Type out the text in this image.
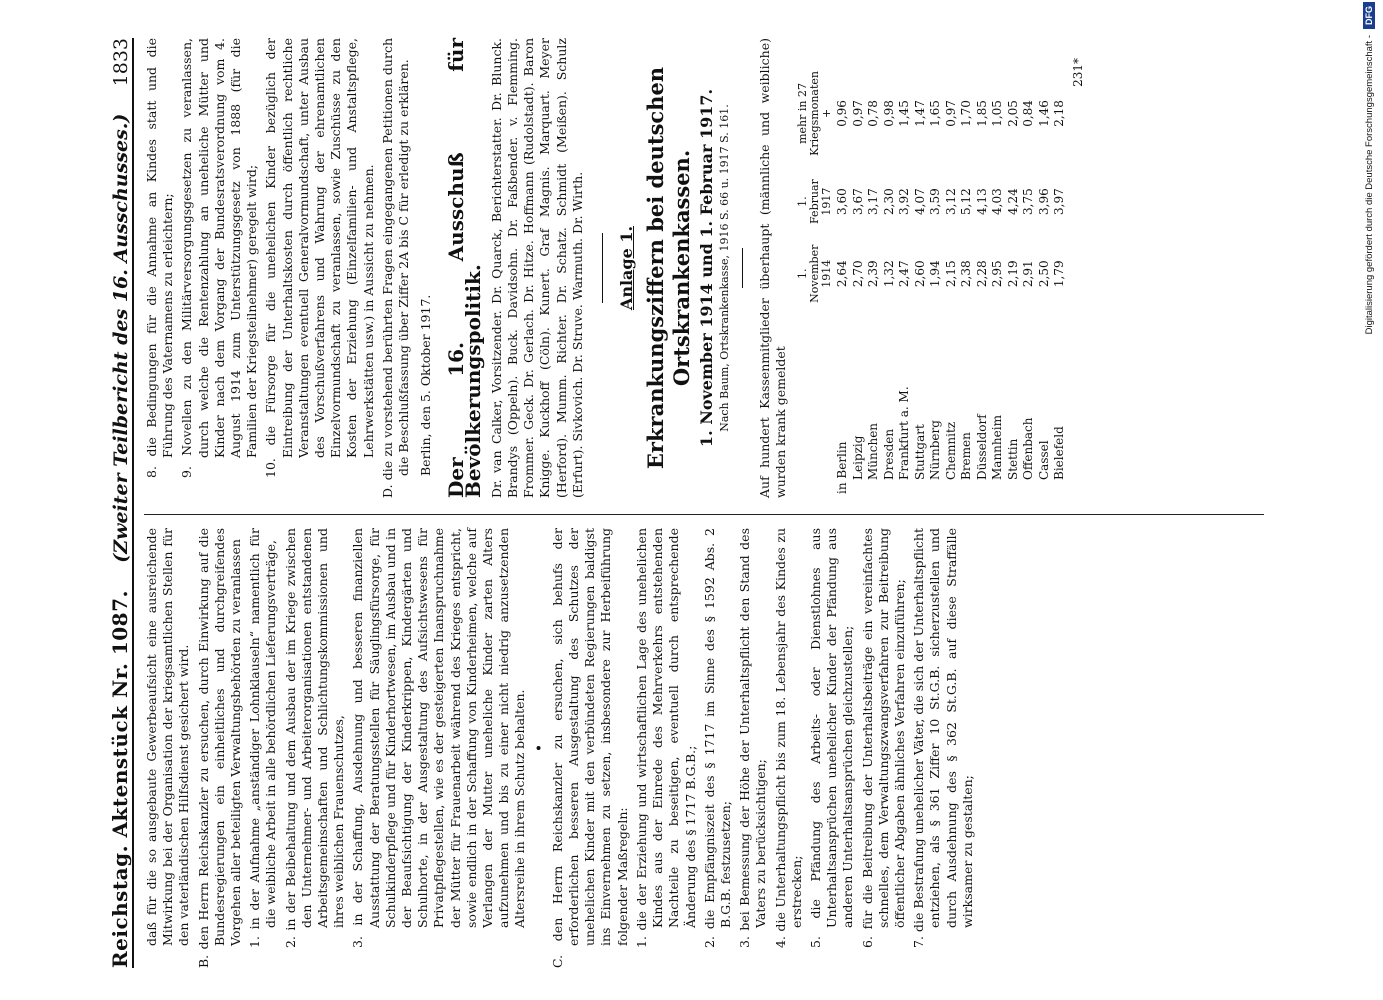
Digitalisierung gefördert durch die Deutsche Forschungsgemeinschaft -
DFG
Reichstag. Aktenstück Nr. 1087.
(Zweiter Teilbericht des 16. Ausschusses.)
1833

daß für die so ausgebaute Gewerbeaufsicht eine ausreichende Mitwirkung bei der Organisation der kriegsamtlichen Stellen für den vaterländischen Hilfsdienst gesichert wird.

B. den Herrn Reichskanzler zu ersuchen, durch Einwirkung auf die Bundesregierungen ein einheitliches und durchgreifendes Vorgehen aller beteiligten Verwaltungsbehörden zu veranlassen 1. in der Aufnahme „anständiger Lohnklauseln“ namentlich für die weibliche Arbeit in alle behördlichen Lieferungsverträge,

2. in der Beibehaltung und dem Ausbau der im Kriege zwischen den Unternehmer- und Arbeiterorganisationen entstandenen Arbeitsgemeinschaften und Schlichtungskommissionen und ihres weiblichen Frauenschutzes,

3. in der Schaffung, Ausdehnung und besseren finanziellen Ausstattung der Beratungsstellen für Säuglingsfürsorge, für Schulkinderpflege und für Kinderhortwesen, im Ausbau und in der Beaufsichtigung der Kinderkrippen, Kindergärten und Schulhorte, in der Ausgestaltung des Aufsichtswesens für Privatpflegestellen, wie es der gesteigerten Inanspruchnahme der Mütter für Frauenarbeit während des Krieges entspricht, sowie endlich in der Schaffung von Kinderheimen, welche auf Verlangen der Mutter uneheliche Kinder zarten Alters aufzunehmen und bis zu einer nicht niedrig anzusetzenden Altersreihe in ihrem Schutz behalten. •

C. den Herrn Reichskanzler zu ersuchen, sich behufs der erforderlichen besseren Ausgestaltung des Schutzes der unehelichen Kinder mit den verbündeten Regierungen baldigst ins Einvernehmen zu setzen, insbesondere zur Herbeiführung folgender Maßregeln: 1. die der Erziehung und wirtschaftlichen Lage des unehelichen Kindes aus der Einrede des Mehrverkehrs entstehenden Nachteile zu beseitigen, eventuell durch entsprechende Änderung des § 1717 B.G.B.;

2. die Empfängniszeit des § 1717 im Sinne des § 1592 Abs. 2 B.G.B. festzusetzen;

3. bei Bemessung der Höhe der Unterhaltspflicht den Stand des Vaters zu berücksichtigen;

4. die Unterhaltungspflicht bis zum 18. Lebensjahr des Kindes zu erstrecken;

5. die Pfändung des Arbeits- oder Dienstlohnes aus Unterhaltsansprüchen unehelicher Kinder der Pfändung aus anderen Unterhaltsansprüchen gleichzustellen;

6. für die Beitreibung der Unterhaltsbeiträge ein vereinfachtes schnelles, dem Verwaltungszwangsverfahren zur Beitreibung öffentlicher Abgaben ähnliches Verfahren einzuführen;

7. die Bestrafung unehelicher Väter, die sich der Unterhaltspflicht entziehen, als § 361 Ziffer 10 St.G.B. sicherzustellen und durch Ausdehnung des § 362 St.G.B. auf diese Straffälle wirksamer zu gestalten;

8. die Bedingungen für die Annahme an Kindes statt und die Führung des Vaternamens zu erleichtern;

9. Novellen zu den Militärversorgungsgesetzen zu veranlassen, durch welche die Rentenzahlung an uneheliche Mütter und Kinder nach dem Vorgang der Bundesratsverordnung vom 4. August 1914 zum Unterstützungsgesetz von 1888 (für die Familien der Kriegsteilnehmer) geregelt wird;

10. die Fürsorge für die unehelichen Kinder bezüglich der Eintreibung der Unterhaltskosten durch öffentlich rechtliche Veranstaltungen eventuell Generalvormundschaft, unter Ausbau des Vorschußverfahrens und Wahrung der ehrenamtlichen Einzelvormundschaft zu veranlassen, sowie Zuschüsse zu den Kosten der Erziehung (Einzelfamilien- und Anstaltspflege, Lehrwerkstätten usw.) in Aussicht zu nehmen.

D. die zu vorstehend berührten Fragen eingegangenen Petitionen durch die Beschlußfassung über Ziffer 2A bis C für erledigt zu erklären. Berlin, den 5. Oktober 1917. Der 16. Ausschuß für Bevölkerungspolitik. Dr. van Calker, Vorsitzender. Dr. Quarck, Berichterstatter. Dr. Blunck. Brandys (Oppeln). Buck. Davidsohn. Dr. Faßbender. v. Flemming. Frommer. Geck. Dr. Gerlach. Dr. Hitze. Hoffmann (Rudolstadt). Baron Knigge. Kuckhoff (Cöln). Kunert. Graf Magnis. Marquart. Meyer (Herford). Mumm. Richter. Dr. Schatz. Schmidt (Meißen). Schulz (Erfurt). Sivkovich. Dr. Struve. Warmuth. Dr. Wirth. Anlage 1. Erkrankungsziffern bei deutschen Ortskrankenkassen. 1. November 1914 und 1. Februar 1917. Nach Baum, Ortskrankenkasse, 1916 S. 66 u. 1917 S. 161. Auf hundert Kassenmitglieder überhaupt (männliche und weibliche) wurden krank gemeldet

	1. November 1914	1. Februar 1917	mehr in 27 Kriegsmonaten
+
in Berlin	2,64	3,60	0,96
Leipzig	2,70	3,67	0,97
München	2,39	3,17	0,78
Dresden	1,32	2,30	0,98
Frankfurt a. M.	2,47	3,92	1,45
Stuttgart	2,60	4,07	1,47
Nürnberg	1,94	3,59	1,65
Chemnitz	2,15	3,12	0,97
Bremen	2,38	5,12	1,70
Düsseldorf	2,28	4,13	1,85
Mannheim	2,95	4,03	1,05
Stettin	2,19	4,24	2,05
Offenbach	2,91	3,75	0,84
Cassel	2,50	3,96	1,46
Bielefeld	1,79	3,97	2,18
231*
